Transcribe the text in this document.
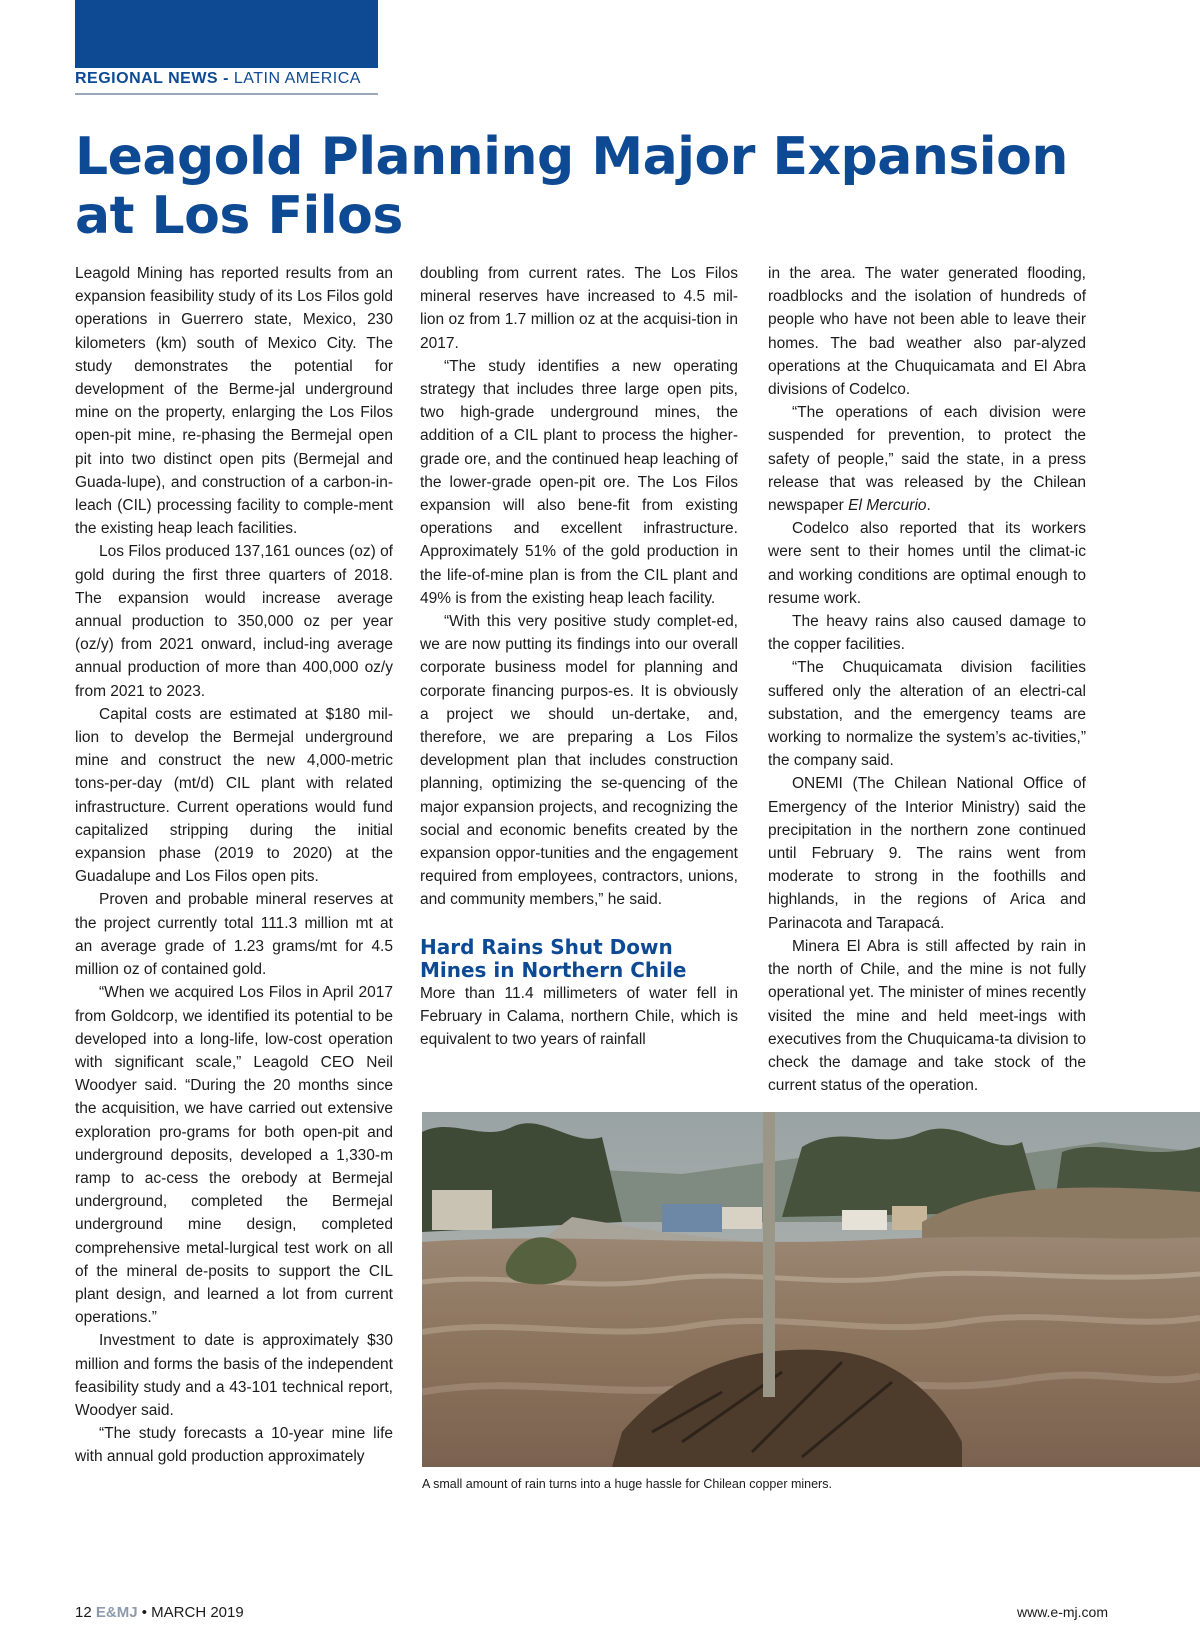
REGIONAL NEWS - LATIN AMERICA
Leagold Planning Major Expansion at Los Filos

Leagold Mining has reported results from an expansion feasibility study of its Los Filos gold operations in Guerrero state, Mexico, 230 kilometers (km) south of Mexico City. The study demonstrates the potential for development of the Berme-jal underground mine on the property, enlarging the Los Filos open-pit mine, re-phasing the Bermejal open pit into two distinct open pits (Bermejal and Guada-lupe), and construction of a carbon-in-leach (CIL) processing facility to comple-ment the existing heap leach facilities.

Los Filos produced 137,161 ounces (oz) of gold during the first three quarters of 2018. The expansion would increase average annual production to 350,000 oz per year (oz/y) from 2021 onward, includ-ing average annual production of more than 400,000 oz/y from 2021 to 2023.

Capital costs are estimated at $180 mil-lion to develop the Bermejal underground mine and construct the new 4,000-metric tons-per-day (mt/d) CIL plant with related infrastructure. Current operations would fund capitalized stripping during the initial expansion phase (2019 to 2020) at the Guadalupe and Los Filos open pits.

Proven and probable mineral reserves at the project currently total 111.3 million mt at an average grade of 1.23 grams/mt for 4.5 million oz of contained gold.

“When we acquired Los Filos in April 2017 from Goldcorp, we identified its potential to be developed into a long-life, low-cost operation with significant scale,” Leagold CEO Neil Woodyer said. “During the 20 months since the acquisition, we have carried out extensive exploration pro-grams for both open-pit and underground deposits, developed a 1,330-m ramp to ac-cess the orebody at Bermejal underground, completed the Bermejal underground mine design, completed comprehensive metal-lurgical test work on all of the mineral de-posits to support the CIL plant design, and learned a lot from current operations.”

Investment to date is approximately $30 million and forms the basis of the independent feasibility study and a 43-101 technical report, Woodyer said.

“The study forecasts a 10-year mine life with annual gold production approximately

doubling from current rates. The Los Filos mineral reserves have increased to 4.5 mil-lion oz from 1.7 million oz at the acquisi-tion in 2017.

“The study identifies a new operating strategy that includes three large open pits, two high-grade underground mines, the addition of a CIL plant to process the higher-grade ore, and the continued heap leaching of the lower-grade open-pit ore. The Los Filos expansion will also bene-fit from existing operations and excellent infrastructure. Approximately 51% of the gold production in the life-of-mine plan is from the CIL plant and 49% is from the existing heap leach facility.

“With this very positive study complet-ed, we are now putting its findings into our overall corporate business model for planning and corporate financing purpos-es. It is obviously a project we should un-dertake, and, therefore, we are preparing a Los Filos development plan that includes construction planning, optimizing the se-quencing of the major expansion projects, and recognizing the social and economic benefits created by the expansion oppor-tunities and the engagement required from employees, contractors, unions, and community members,” he said.

Hard Rains Shut Down Mines in Northern Chile

More than 11.4 millimeters of water fell in February in Calama, northern Chile, which is equivalent to two years of rainfall

in the area. The water generated flooding, roadblocks and the isolation of hundreds of people who have not been able to leave their homes. The bad weather also par-alyzed operations at the Chuquicamata and El Abra divisions of Codelco.

“The operations of each division were suspended for prevention, to protect the safety of people,” said the state, in a press release that was released by the Chilean newspaper El Mercurio.

Codelco also reported that its workers were sent to their homes until the climat-ic and working conditions are optimal enough to resume work.

The heavy rains also caused damage to the copper facilities.

“The Chuquicamata division facilities suffered only the alteration of an electri-cal substation, and the emergency teams are working to normalize the system’s ac-tivities,” the company said.

ONEMI (The Chilean National Office of Emergency of the Interior Ministry) said the precipitation in the northern zone continued until February 9. The rains went from moderate to strong in the foothills and highlands, in the regions of Arica and Parinacota and Tarapacá.

Minera El Abra is still affected by rain in the north of Chile, and the mine is not fully operational yet. The minister of mines recently visited the mine and held meet-ings with executives from the Chuquicama-ta division to check the damage and take stock of the current status of the operation.

A small amount of rain turns into a huge hassle for Chilean copper miners.
12 E&MJ • MARCH 2019	www.e-mj.com
